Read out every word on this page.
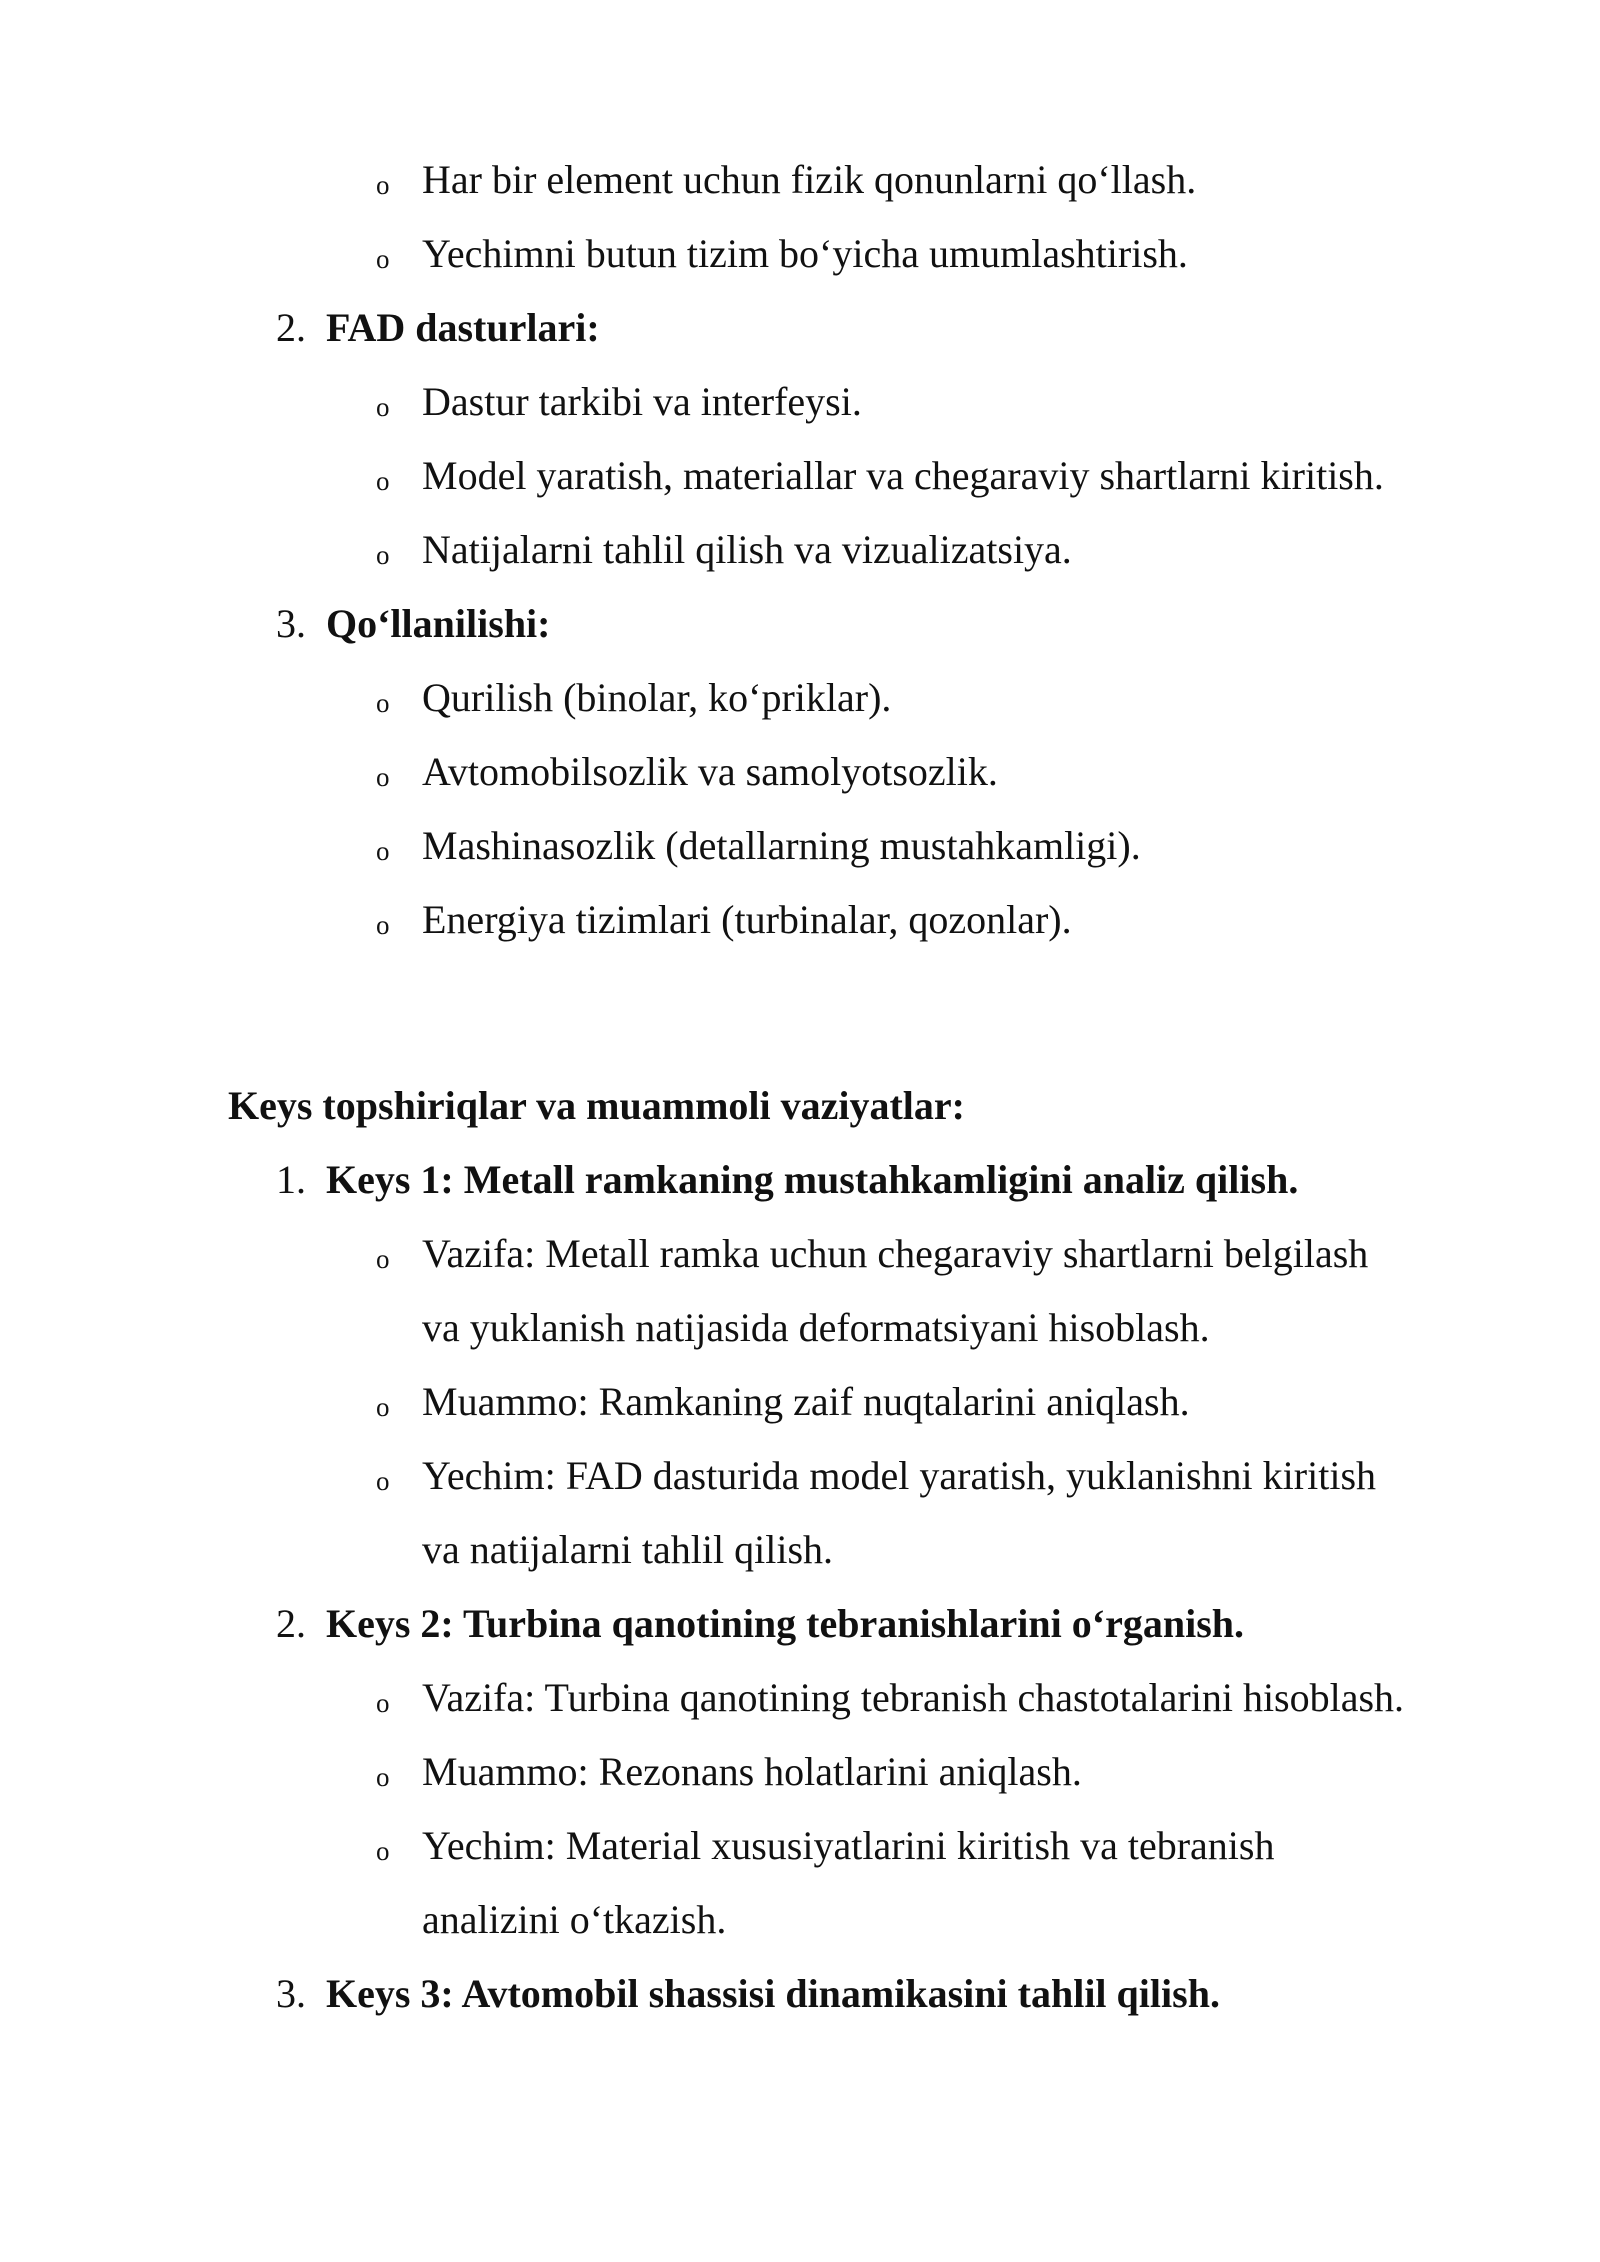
o Har bir element uchun fizik qonunlarni qo‘llash.
o Yechimni butun tizim bo‘yicha umumlashtirish.
2. FAD dasturlari:
o Dastur tarkibi va interfeysi.
o Model yaratish, materiallar va chegaraviy shartlarni kiritish.
o Natijalarni tahlil qilish va vizualizatsiya.
3. Qo‘llanilishi:
o Qurilish (binolar, ko‘priklar).
o Avtomobilsozlik va samolyotsozlik.
o Mashinasozlik (detallarning mustahkamligi).
o Energiya tizimlari (turbinalar, qozonlar).
Keys topshiriqlar va muammoli vaziyatlar:
1. Keys 1: Metall ramkaning mustahkamligini analiz qilish.
o Vazifa: Metall ramka uchun chegaraviy shartlarni belgilash
va yuklanish natijasida deformatsiyani hisoblash.
o Muammo: Ramkaning zaif nuqtalarini aniqlash.
o Yechim: FAD dasturida model yaratish, yuklanishni kiritish
va natijalarni tahlil qilish.
2. Keys 2: Turbina qanotining tebranishlarini o‘rganish.
o Vazifa: Turbina qanotining tebranish chastotalarini hisoblash.
o Muammo: Rezonans holatlarini aniqlash.
o Yechim: Material xususiyatlarini kiritish va tebranish
analizini o‘tkazish.
3. Keys 3: Avtomobil shassisi dinamikasini tahlil qilish.
